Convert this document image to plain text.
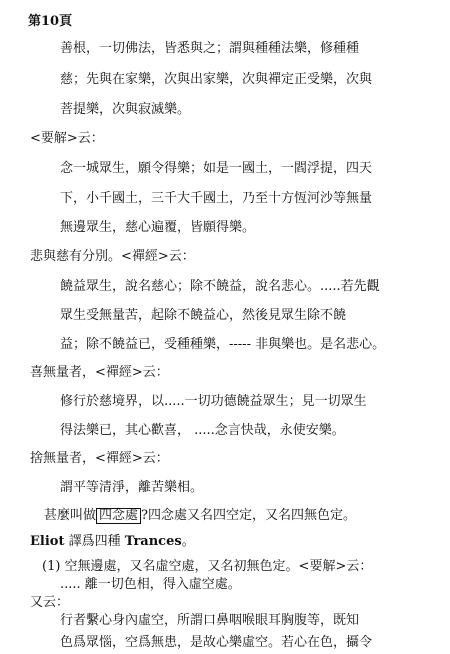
第10頁
善根，一切佛法，皆悉與之；謂與種種法樂，修種種
慈；先與在家樂，次與出家樂，次與禪定正受樂，次與
菩提樂，次與寂滅樂。
<要解>云：
念一城眾生，願令得樂；如是一國土，一閻浮提，四天
下，小千國土，三千大千國土，乃至十方恆河沙等無量
無邊眾生，慈心遍覆，皆願得樂。
悲與慈有分別。<禪經>云：
饒益眾生，說名慈心；除不饒益，說名悲心。.....若先觀
眾生受無量苦，起除不饒益心，然後見眾生除不饒
益；除不饒益已，受種種樂，----- 非與樂也。是名悲心。
喜無量者，<禪經>云：
修行於慈境界，以.....一切功德饒益眾生；見一切眾生
得法樂已，其心歡喜， .....念言快哉，永使安樂。
捨無量者，<禪經>云：
謂平等清淨，離苦樂相。
甚麼叫做 四念處 ?四念處又名四空定，又名四無色定。
Eliot 譯爲四種 Trances。
(1) 空無邊處，又名虛空處，又名初無色定。<要解>云：
..... 離一切色相，得入虛空處。
又云：
行者繫心身內虛空，所謂口鼻咽喉眼耳胸腹等，既知
色爲眾惱，空爲無患，是故心樂虛空。若心在色，攝令
